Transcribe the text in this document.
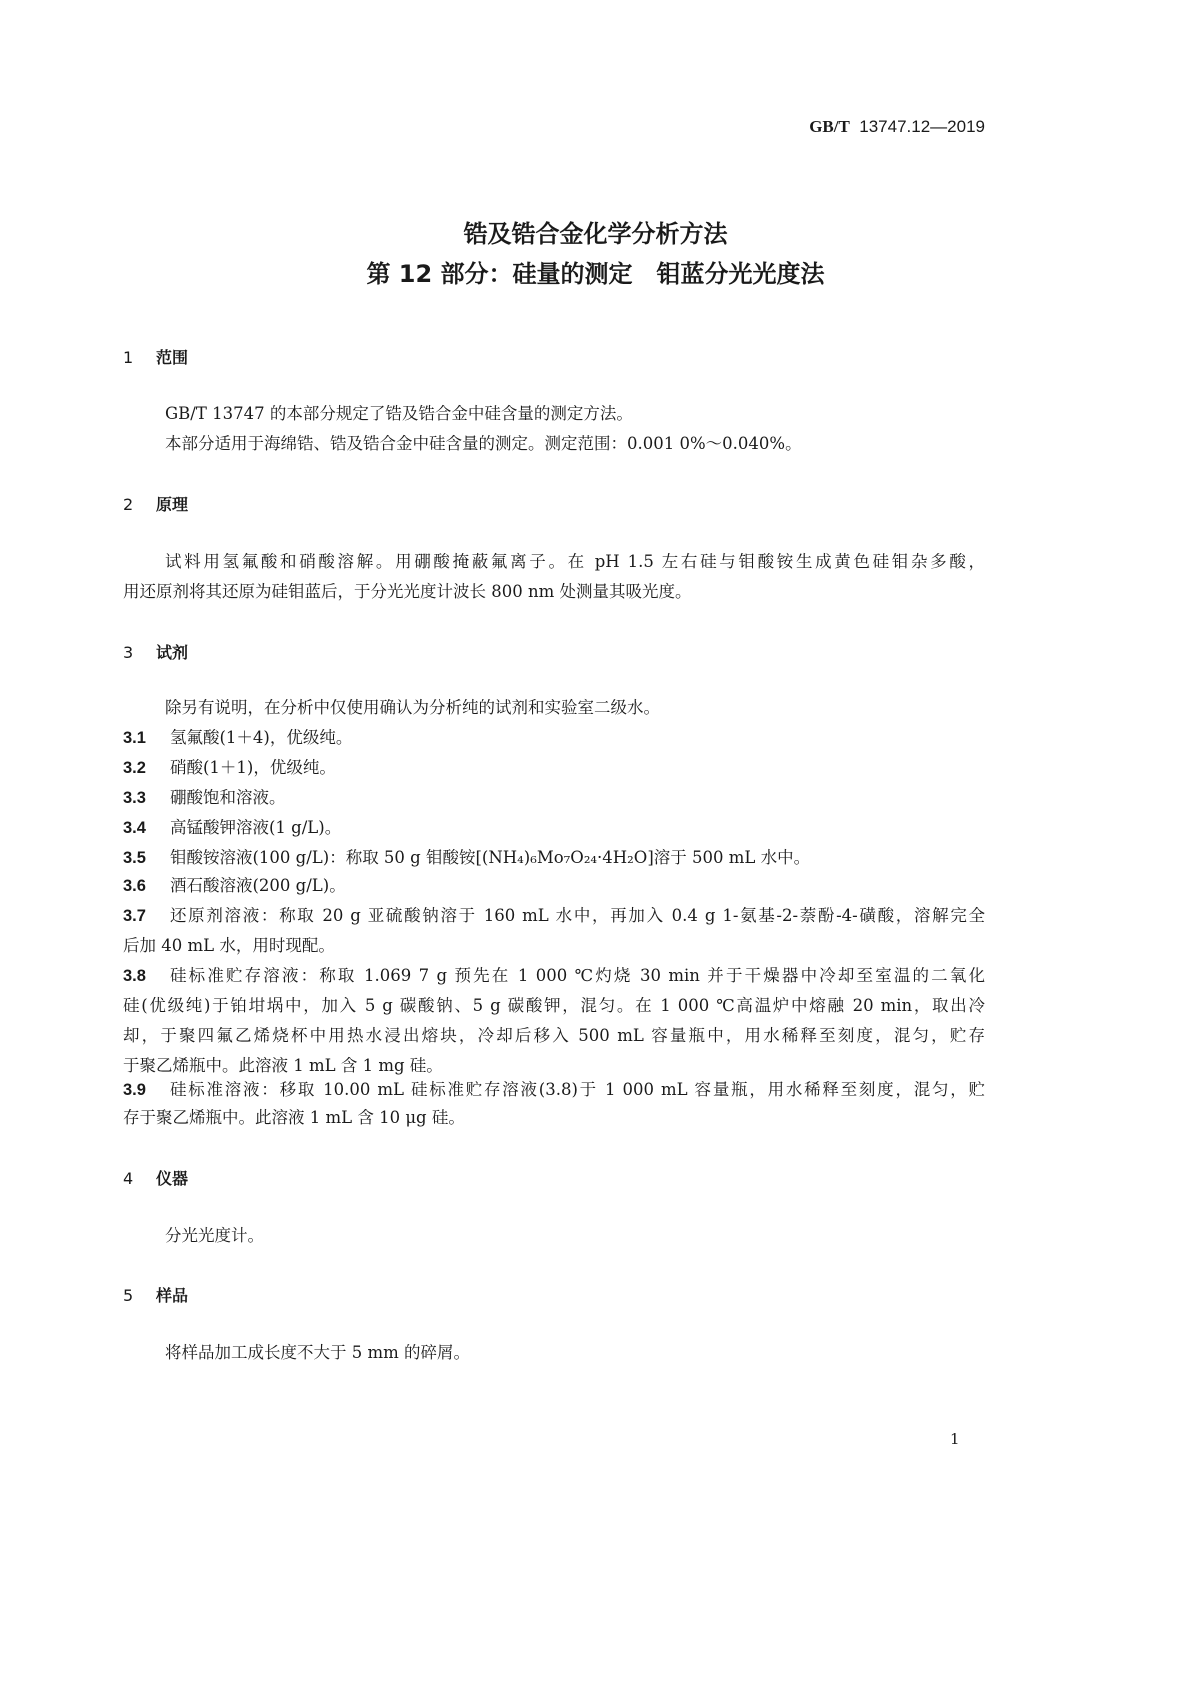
GB/T 13747.12—2019
锆及锆合金化学分析方法
第 12 部分：硅量的测定　钼蓝分光光度法
1 范围
GB/T 13747 的本部分规定了锆及锆合金中硅含量的测定方法。
本部分适用于海绵锆、锆及锆合金中硅含量的测定。测定范围：0.001 0%～0.040%。
2 原理
试料用氢氟酸和硝酸溶解。用硼酸掩蔽氟离子。在 pH 1.5 左右硅与钼酸铵生成黄色硅钼杂多酸，
用还原剂将其还原为硅钼蓝后，于分光光度计波长 800 nm 处测量其吸光度。
3 试剂
除另有说明，在分析中仅使用确认为分析纯的试剂和实验室二级水。
3.1 氢氟酸(1＋4)，优级纯。
3.2 硝酸(1＋1)，优级纯。
3.3 硼酸饱和溶液。
3.4 高锰酸钾溶液(1 g/L)。
3.5 钼酸铵溶液(100 g/L)：称取 50 g 钼酸铵[(NH₄)₆Mo₇O₂₄·4H₂O]溶于 500 mL 水中。
3.6 酒石酸溶液(200 g/L)。
3.7	还原剂溶液：称取 20 g 亚硫酸钠溶于 160 mL 水中，再加入 0.4 g 1-氨基-2-萘酚-4-磺酸，溶解完全
后加 40 mL 水，用时现配。
3.8	硅标准贮存溶液：称取 1.069 7 g 预先在 1 000 ℃灼烧 30 min 并于干燥器中冷却至室温的二氧化
硅(优级纯)于铂坩埚中，加入 5 g 碳酸钠、5 g 碳酸钾，混匀。在 1 000 ℃高温炉中熔融 20 min，取出冷
却，于聚四氟乙烯烧杯中用热水浸出熔块，冷却后移入 500 mL 容量瓶中，用水稀释至刻度，混匀，贮存
于聚乙烯瓶中。此溶液 1 mL 含 1 mg 硅。
3.9	硅标准溶液：移取 10.00 mL 硅标准贮存溶液(3.8)于 1 000 mL 容量瓶，用水稀释至刻度，混匀，贮
存于聚乙烯瓶中。此溶液 1 mL 含 10 μg 硅。
4 仪器
分光光度计。
5 样品
将样品加工成长度不大于 5 mm 的碎屑。
1
